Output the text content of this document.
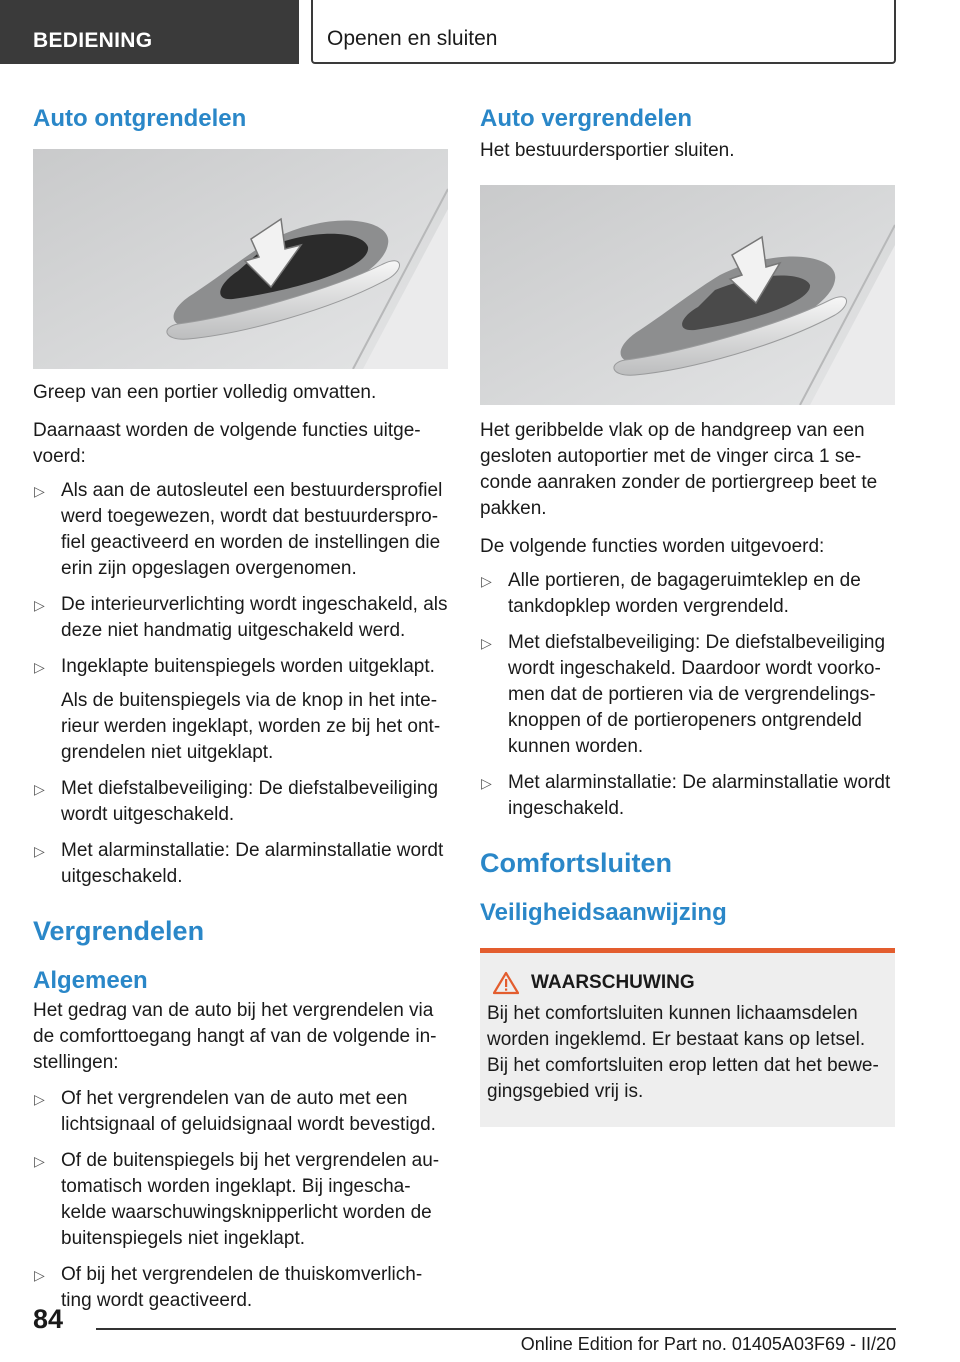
BEDIENING	Openen en sluiten
Auto ontgrendelen

Greep van een portier volledig omvatten.

Daarnaast worden de volgende functies uitge-voerd:

▷ Als aan de autosleutel een bestuurdersprofiel werd toegewezen, wordt dat bestuurderspro-fiel geactiveerd en worden de instellingen die erin zijn opgeslagen overgenomen.
▷ De interieurverlichting wordt ingeschakeld, als deze niet handmatig uitgeschakeld werd.
▷ Ingeklapte buitenspiegels worden uitgeklapt.

Als de buitenspiegels via de knop in het inte-rieur werden ingeklapt, worden ze bij het ont-grendelen niet uitgeklapt.

▷ Met diefstalbeveiliging: De diefstalbeveiliging wordt uitgeschakeld.
▷ Met alarminstallatie: De alarminstallatie wordt uitgeschakeld.
Vergrendelen
Algemeen

Het gedrag van de auto bij het vergrendelen via de comforttoegang hangt af van de volgende in-stellingen:

▷ Of het vergrendelen van de auto met een lichtsignaal of geluidsignaal wordt bevestigd.
▷ Of de buitenspiegels bij het vergrendelen au-tomatisch worden ingeklapt. Bij ingescha-kelde waarschuwingsknipperlicht worden de buitenspiegels niet ingeklapt.
▷ Of bij het vergrendelen de thuiskomverlich-ting wordt geactiveerd.
Auto vergrendelen

Het bestuurdersportier sluiten.

Het geribbelde vlak op de handgreep van een gesloten autoportier met de vinger circa 1 se-conde aanraken zonder de portiergreep beet te pakken.

De volgende functies worden uitgevoerd:

▷ Alle portieren, de bagageruimteklep en de tankdopklep worden vergrendeld.
▷ Met diefstalbeveiliging: De diefstalbeveiliging wordt ingeschakeld. Daardoor wordt voorko-men dat de portieren via de vergrendelings-knoppen of de portieropeners ontgrendeld kunnen worden.
▷ Met alarminstallatie: De alarminstallatie wordt ingeschakeld.
Comfortsluiten
Veiligheidsaanwijzing
WAARSCHUWING

Bij het comfortsluiten kunnen lichaamsdelen worden ingeklemd. Er bestaat kans op letsel. Bij het comfortsluiten erop letten dat het bewe-gingsgebied vrij is.

84
Online Edition for Part no. 01405A03F69 - II/20
